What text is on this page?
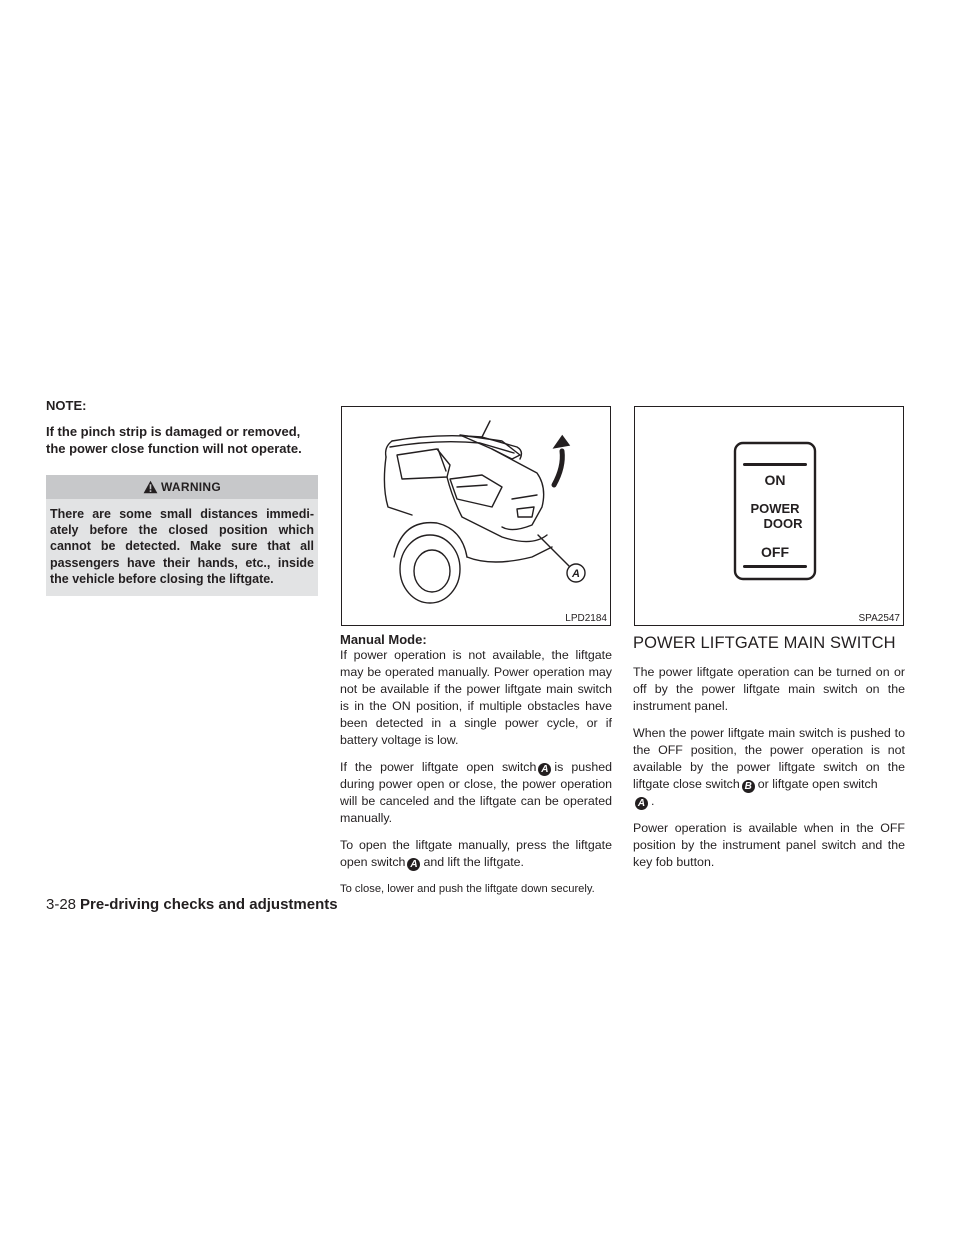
NOTE:

If the pinch strip is damaged or removed, the power close function will not operate.

WARNING

There are some small distances immedi-ately before the closed position which cannot be detected. Make sure that all passengers have their hands, etc., inside the vehicle before closing the liftgate.	A
LPD2184
ON
POWER
DOOR
OFF
SPA2547

Manual Mode:

If power operation is not available, the liftgate may be operated manually. Power operation may not be available if the power liftgate main switch is in the ON position, if multiple obstacles have been detected in a single power cycle, or if battery voltage is low.

If the power liftgate open switch A is pushed during power open or close, the power operation will be canceled and the liftgate can be operated manually.

To open the liftgate manually, press the liftgate open switch A and lift the liftgate.

To close, lower and push the liftgate down securely.

POWER LIFTGATE MAIN SWITCH

The power liftgate operation can be turned on or off by the power liftgate main switch on the instrument panel.

When the power liftgate main switch is pushed to the OFF position, the power operation is not available by the power liftgate switch on the liftgate close switch B or liftgate open switch
A .

Power operation is available when in the OFF position by the instrument panel switch and the key fob button.

3-28 Pre-driving checks and adjustments
